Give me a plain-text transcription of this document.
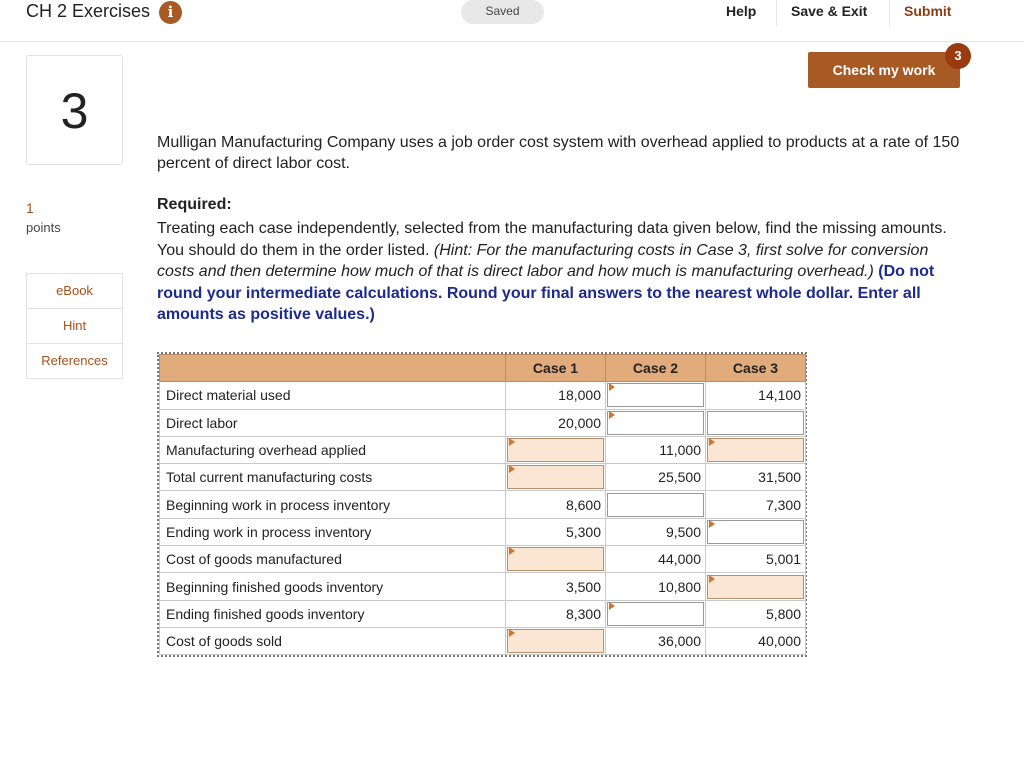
CH 2 Exercises	i	Saved	Help Save & Exit	Submit
Check my work
3
3
1
points
eBook
Hint
References
Mulligan Manufacturing Company uses a job order cost system with overhead applied to products at a rate of 150 percent of direct labor cost.
Required:
Treating each case independently, selected from the manufacturing data given below, find the missing amounts. You should do them in the order listed. (Hint: For the manufacturing costs in Case 3, first solve for conversion costs and then determine how much of that is direct labor and how much is manufacturing overhead.) (Do not round your intermediate calculations. Round your final answers to the nearest whole dollar. Enter all amounts as positive values.)
	Case 1	Case 2	Case 3
Direct material used	18,000		14,100
Direct labor	20,000	

Manufacturing overhead applied		11,000	

Total current manufacturing costs		25,500	31,500
Beginning work in process inventory	8,600		7,300
Ending work in process inventory	5,300	9,500	

Cost of goods manufactured		44,000	5,001
Beginning finished goods inventory	3,500	10,800	

Ending finished goods inventory	8,300		5,800
Cost of goods sold		36,000	40,000
